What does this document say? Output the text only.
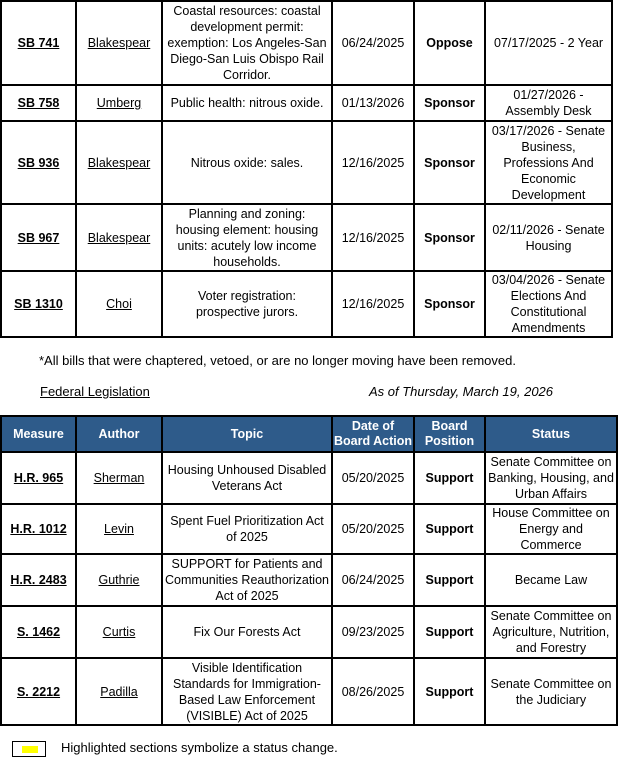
SB 741	Blakespear	Coastal resources: coastal development permit: exemption: Los Angeles-San Diego-San Luis Obispo Rail Corridor.	06/24/2025	Oppose	07/17/2025 - 2 Year
SB 758	Umberg	Public health: nitrous oxide.	01/13/2026	Sponsor	01/27/2026 - Assembly Desk
SB 936	Blakespear	Nitrous oxide: sales.	12/16/2025	Sponsor	03/17/2026 - Senate Business, Professions And Economic Development
SB 967	Blakespear	Planning and zoning: housing element: housing units: acutely low income households.	12/16/2025	Sponsor	02/11/2026 - Senate Housing
SB 1310	Choi	Voter registration: prospective jurors.	12/16/2025	Sponsor	03/04/2026 - Senate Elections And Constitutional Amendments
*All bills that were chaptered, vetoed, or are no longer moving have been removed.
Federal Legislation	As of Thursday, March 19, 2026
Measure	Author	Topic	Date of Board Action	Board Position	Status
H.R. 965	Sherman	Housing Unhoused Disabled Veterans Act	05/20/2025	Support	Senate Committee on Banking, Housing, and Urban Affairs
H.R. 1012	Levin	Spent Fuel Prioritization Act of 2025	05/20/2025	Support	House Committee on Energy and Commerce
H.R. 2483	Guthrie	SUPPORT for Patients and Communities Reauthorization Act of 2025	06/24/2025	Support	Became Law
S. 1462	Curtis	Fix Our Forests Act	09/23/2025	Support	Senate Committee on Agriculture, Nutrition, and Forestry
S. 2212	Padilla	Visible Identification Standards for Immigration-Based Law Enforcement (VISIBLE) Act of 2025	08/26/2025	Support	Senate Committee on the Judiciary
Highlighted sections symbolize a status change.
